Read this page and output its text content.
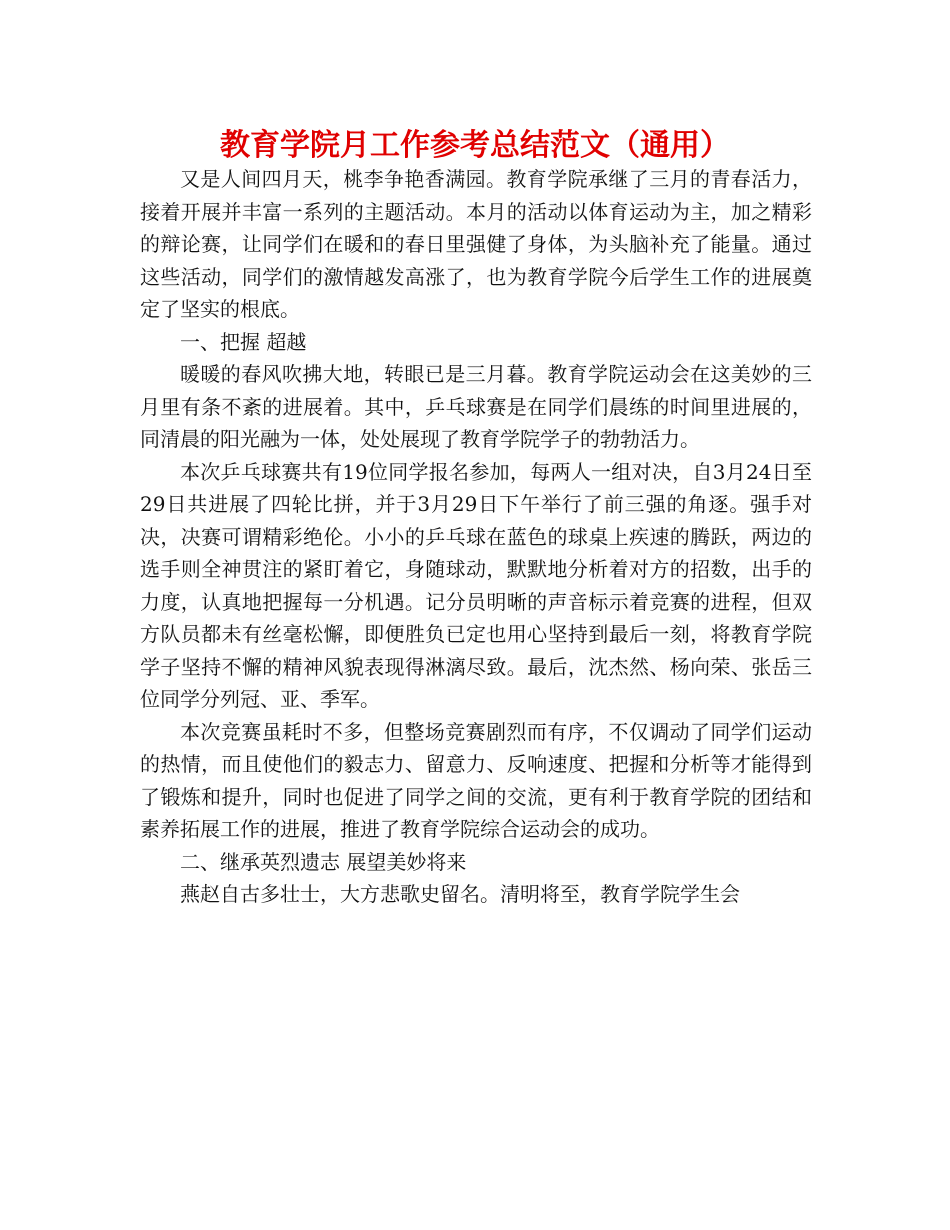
教育学院月工作参考总结范文（通用）

又是人间四月天，桃李争艳香满园。教育学院承继了三月的青春活力，接着开展并丰富一系列的主题活动。本月的活动以体育运动为主，加之精彩的辩论赛，让同学们在暖和的春日里强健了身体，为头脑补充了能量。通过这些活动，同学们的激情越发高涨了，也为教育学院今后学生工作的进展奠定了坚实的根底。

一、把握 超越

暖暖的春风吹拂大地，转眼已是三月暮。教育学院运动会在这美妙的三月里有条不紊的进展着。其中，乒乓球赛是在同学们晨练的时间里进展的，同清晨的阳光融为一体，处处展现了教育学院学子的勃勃活力。

本次乒乓球赛共有19位同学报名参加，每两人一组对决，自3月24日至29日共进展了四轮比拼，并于3月29日下午举行了前三强的角逐。强手对决，决赛可谓精彩绝伦。小小的乒乓球在蓝色的球桌上疾速的腾跃，两边的选手则全神贯注的紧盯着它，身随球动，默默地分析着对方的招数，出手的力度，认真地把握每一分机遇。记分员明晰的声音标示着竞赛的进程，但双方队员都未有丝毫松懈，即便胜负已定也用心坚持到最后一刻，将教育学院学子坚持不懈的精神风貌表现得淋漓尽致。最后，沈杰然、杨向荣、张岳三位同学分列冠、亚、季军。

本次竞赛虽耗时不多，但整场竞赛剧烈而有序，不仅调动了同学们运动的热情，而且使他们的毅志力、留意力、反响速度、把握和分析等才能得到了锻炼和提升，同时也促进了同学之间的交流，更有利于教育学院的团结和素养拓展工作的进展，推进了教育学院综合运动会的成功。

二、继承英烈遗志 展望美妙将来

燕赵自古多壮士，大方悲歌史留名。清明将至，教育学院学生会
